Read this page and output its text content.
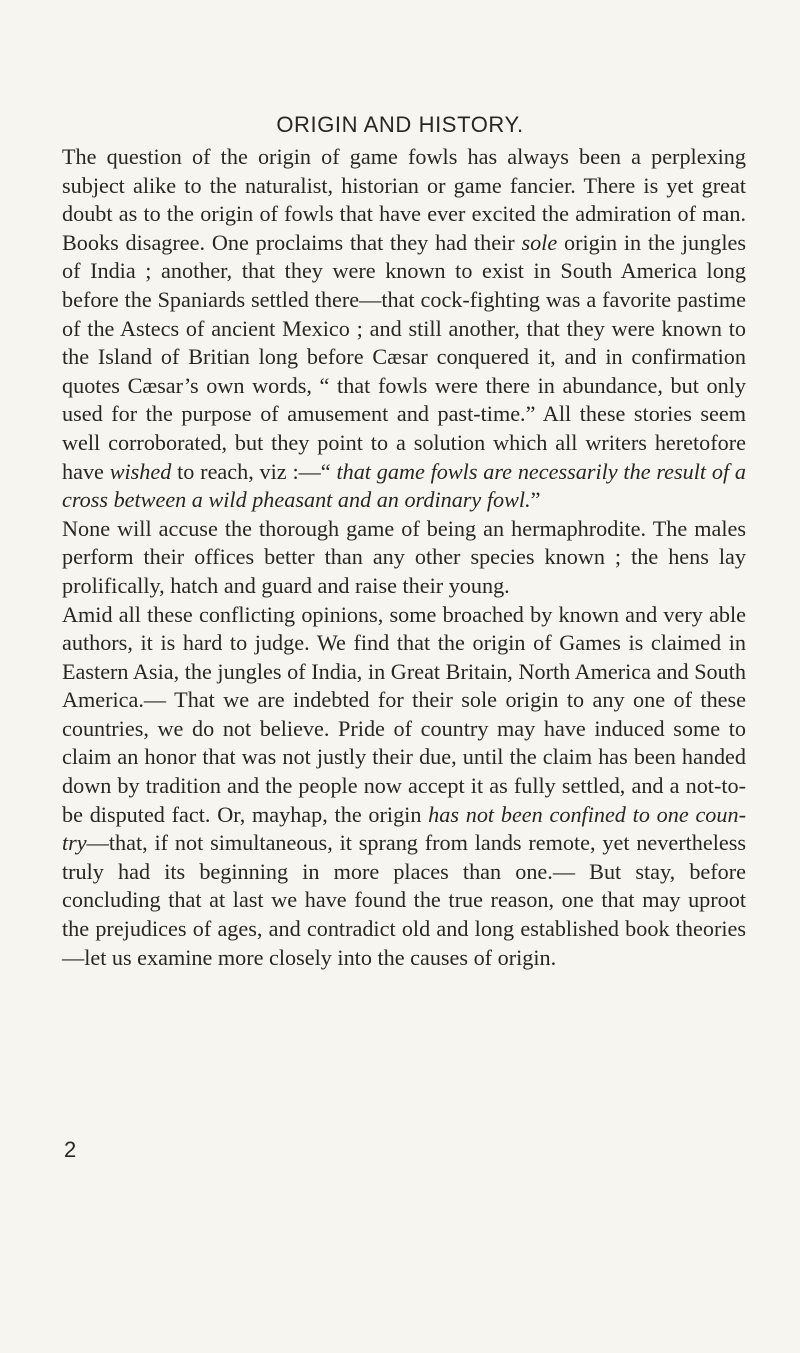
ORIGIN AND HISTORY.

The question of the origin of game fowls has always been a perplexing subject alike to the naturalist, historian or game fancier. There is yet great doubt as to the origin of fowls that have ever excited the admiration of man. Books disagree. One proclaims that they had their sole origin in the jungles of India ; another, that they were known to exist in South America long before the Spaniards settled there—that cock-fighting was a favorite pastime of the Astecs of ancient Mexico ; and still another, that they were known to the Island of Britian long before Cæsar conquered it, and in confirmation quotes Cæsar’s own words, “ that fowls were there in abundance, but only used for the purpose of amusement and past-time.” All these stories seem well corroborated, but they point to a solution which all writers heretofore have wished to reach, viz :—“ that game fowls are necessarily the result of a cross between a wild pheasant and an ordinary fowl.”

None will accuse the thorough game of being an hermaphrodite. The males perform their offices better than any other species known ; the hens lay prolifically, hatch and guard and raise their young.

Amid all these conflicting opinions, some broached by known and very able authors, it is hard to judge. We find that the origin of Games is claimed in Eastern Asia, the jungles of India, in Great Britain, North America and South America.— That we are indebted for their sole origin to any one of these countries, we do not believe. Pride of country may have induced some to claim an honor that was not justly their due, until the claim has been handed down by tradition and the people now accept it as fully settled, and a not-to-be disputed fact. Or, mayhap, the origin has not been confined to one country—that, if not simultaneous, it sprang from lands remote, yet nevertheless truly had its beginning in more places than one.— But stay, before concluding that at last we have found the true reason, one that may uproot the prejudices of ages, and contradict old and long established book theories—let us examine more closely into the causes of origin.

2
